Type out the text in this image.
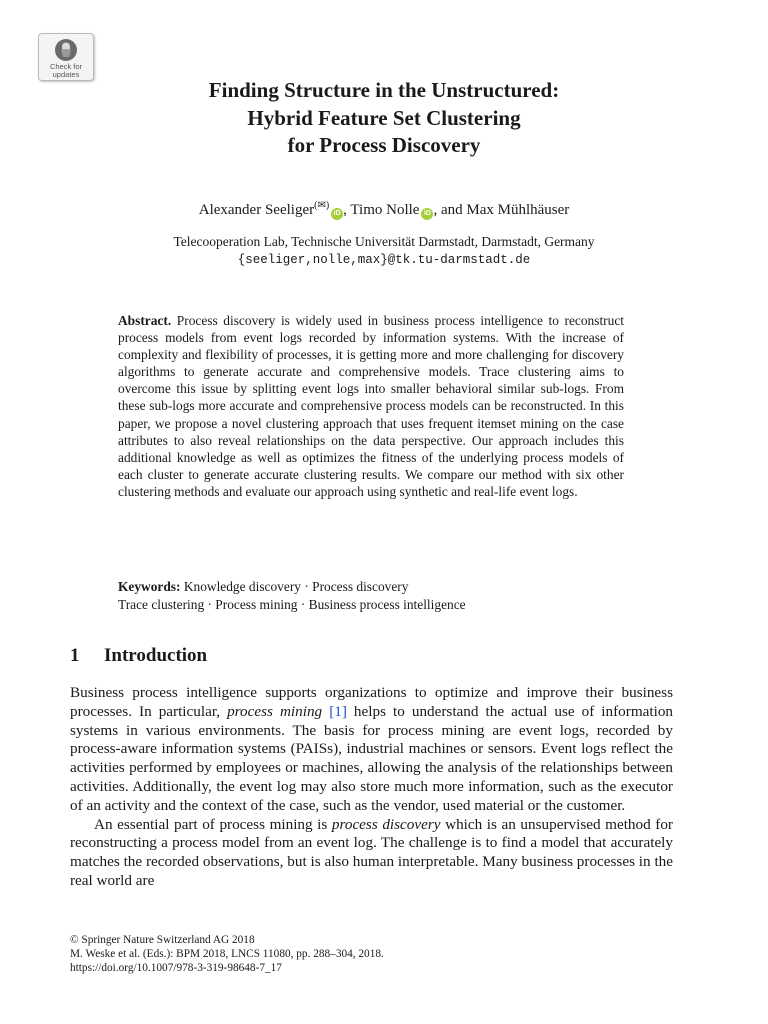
Check for
updates
Finding Structure in the Unstructured:
Hybrid Feature Set Clustering
for Process Discovery
Alexander Seeliger(✉)iD , Timo Nolle iD , and Max Mühlhäuser
Telecooperation Lab, Technische Universität Darmstadt, Darmstadt, Germany
{seeliger,nolle,max}@tk.tu-darmstadt.de
Abstract. Process discovery is widely used in business process intelligence to reconstruct process models from event logs recorded by information systems. With the increase of complexity and flexibility of processes, it is getting more and more challenging for discovery algorithms to generate accurate and comprehensive models. Trace clustering aims to overcome this issue by splitting event logs into smaller behavioral similar sub-logs. From these sub-logs more accurate and comprehensive process models can be reconstructed. In this paper, we propose a novel clustering approach that uses frequent itemset mining on the case attributes to also reveal relationships on the data perspective. Our approach includes this additional knowledge as well as optimizes the fitness of the underlying process models of each cluster to generate accurate clustering results. We compare our method with six other clustering methods and evaluate our approach using synthetic and real-life event logs.
Keywords: Knowledge discovery · Process discovery
Trace clustering · Process mining · Business process intelligence
1 Introduction

Business process intelligence supports organizations to optimize and improve their business processes. In particular, process mining [1] helps to understand the actual use of information systems in various environments. The basis for process mining are event logs, recorded by process-aware information systems (PAISs), industrial machines or sensors. Event logs reflect the activities performed by employees or machines, allowing the analysis of the relationships between activities. Additionally, the event log may also store much more information, such as the executor of an activity and the context of the case, such as the vendor, used material or the customer.

An essential part of process mining is process discovery which is an unsupervised method for reconstructing a process model from an event log. The challenge is to find a model that accurately matches the recorded observations, but is also human interpretable. Many business processes in the real world are

© Springer Nature Switzerland AG 2018
M. Weske et al. (Eds.): BPM 2018, LNCS 11080, pp. 288–304, 2018.
https://doi.org/10.1007/978-3-319-98648-7_17
